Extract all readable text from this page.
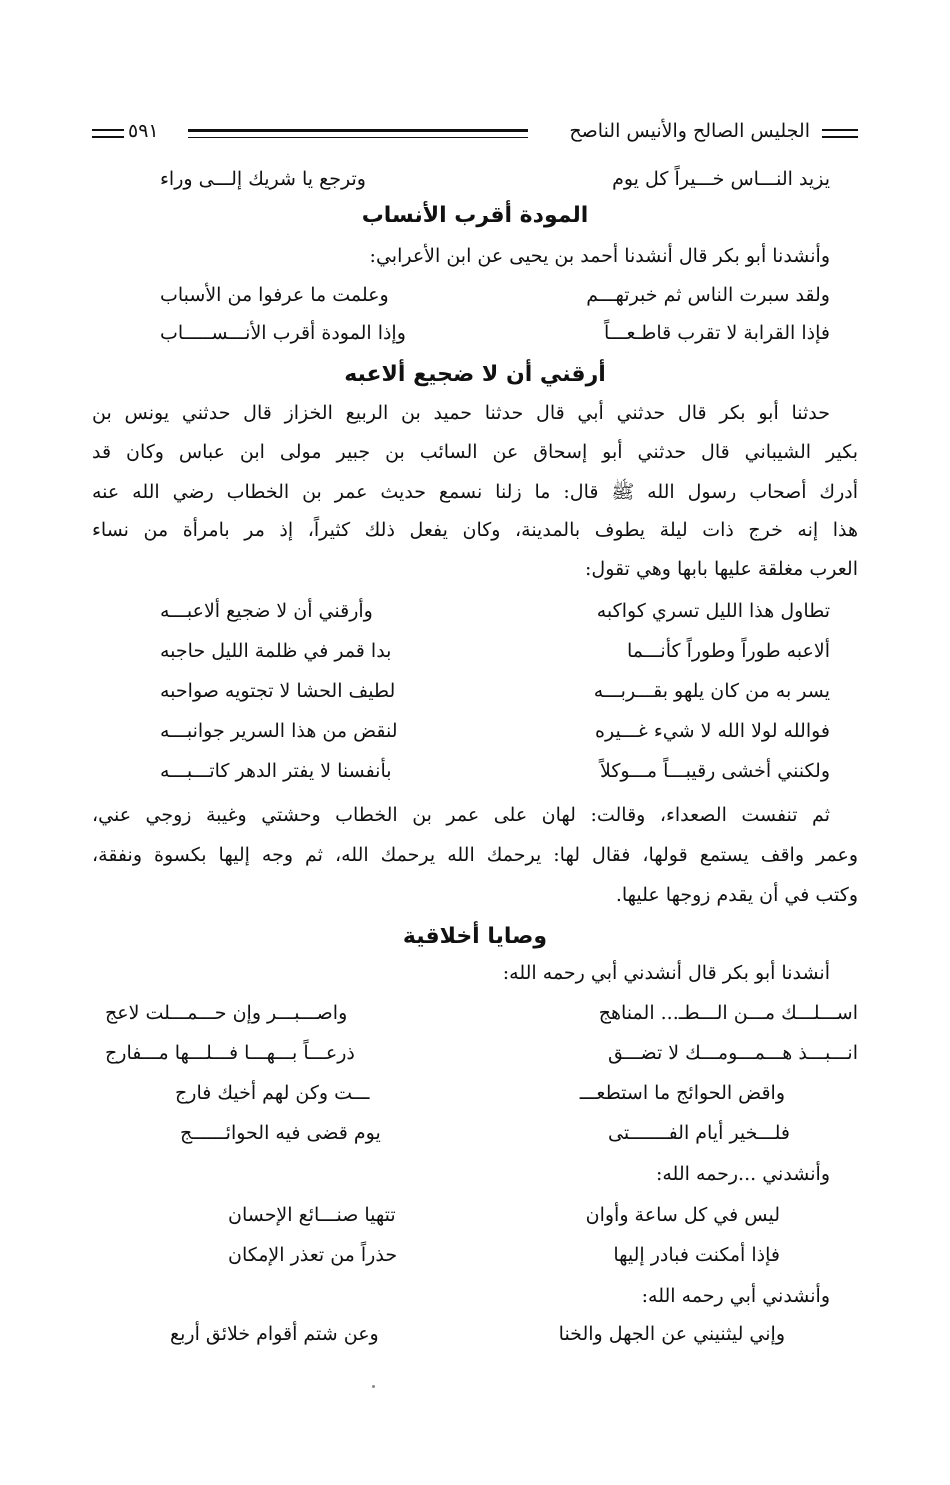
الجليس الصالح والأنيس الناصح
٥٩١
يزيد النـــاس خـــيراً كل يوم
وترجع يا شريك إلـــى وراء
المودة أقرب الأنساب
وأنشدنا أبو بكر قال أنشدنا أحمد بن يحيى عن ابن الأعرابي:
ولقد سبرت الناس ثم خبرتهـــم
وعلمت ما عرفوا من الأسباب
فإذا القرابة لا تقرب قاطـعـــاً
وإذا المودة أقرب الأنـــســـــاب
أرقني أن لا ضجيع ألاعبه
حدثنا أبو بكر قال حدثني أبي قال حدثنا حميد بن الربيع الخزاز قال حدثني يونس بن
بكير الشيباني قال حدثني أبو إسحاق عن السائب بن جبير مولى ابن عباس وكان قد
أدرك أصحاب رسول الله ﷺ قال: ما زلنا نسمع حديث عمر بن الخطاب رضي الله عنه
هذا إنه خرج ذات ليلة يطوف بالمدينة، وكان يفعل ذلك كثيراً، إذ مر بامرأة من نساء
العرب مغلقة عليها بابها وهي تقول:
تطاول هذا الليل تسري كواكبه
وأرقني أن لا ضجيع ألاعبـــه
ألاعبه طوراً وطوراً كأنـــما
بدا قمر في ظلمة الليل حاجبه
يسر به من كان يلهو بقـــربـــه
لطيف الحشا لا تجتويه صواحبه
فوالله لولا الله لا شيء غـــيره
لنقض من هذا السرير جوانبـــه
ولكنني أخشى رقيبـــاً مـــوكلاً
بأنفسنا لا يفتر الدهر كاتـــبـــه
ثم تنفست الصعداء، وقالت: لهان على عمر بن الخطاب وحشتي وغيبة زوجي عني،
وعمر واقف يستمع قولها، فقال لها: يرحمك الله يرحمك الله، ثم وجه إليها بكسوة ونفقة،
وكتب في أن يقدم زوجها عليها.
وصايا أخلاقية
أنشدنا أبو بكر قال أنشدني أبي رحمه الله:
اســـلـــك مـــن الـــطـ... المناهج
واصـــبـــر وإن حـــمـــلت لاعج
انـــبـــذ هـــمـــومـــك لا تضـــق
ذرعـــاً بـــهـــا فـــلـــها مـــفارج
واقض الحوائج ما استطعـــ
ـــت وكن لهم أخيك فارج
فلـــخير أيام الفـــــــتى
يوم قضى فيه الحوائــــــج
وأنشدني ...رحمه الله:
ليس في كل ساعة وأوان
تتهيا صنـــائع الإحسان
فإذا أمكنت فبادر إليها
حذراً من تعذر الإمكان
وأنشدني أبي رحمه الله:
وإني ليثنيني عن الجهل والخنا
وعن شتم أقوام خلائق أربع
